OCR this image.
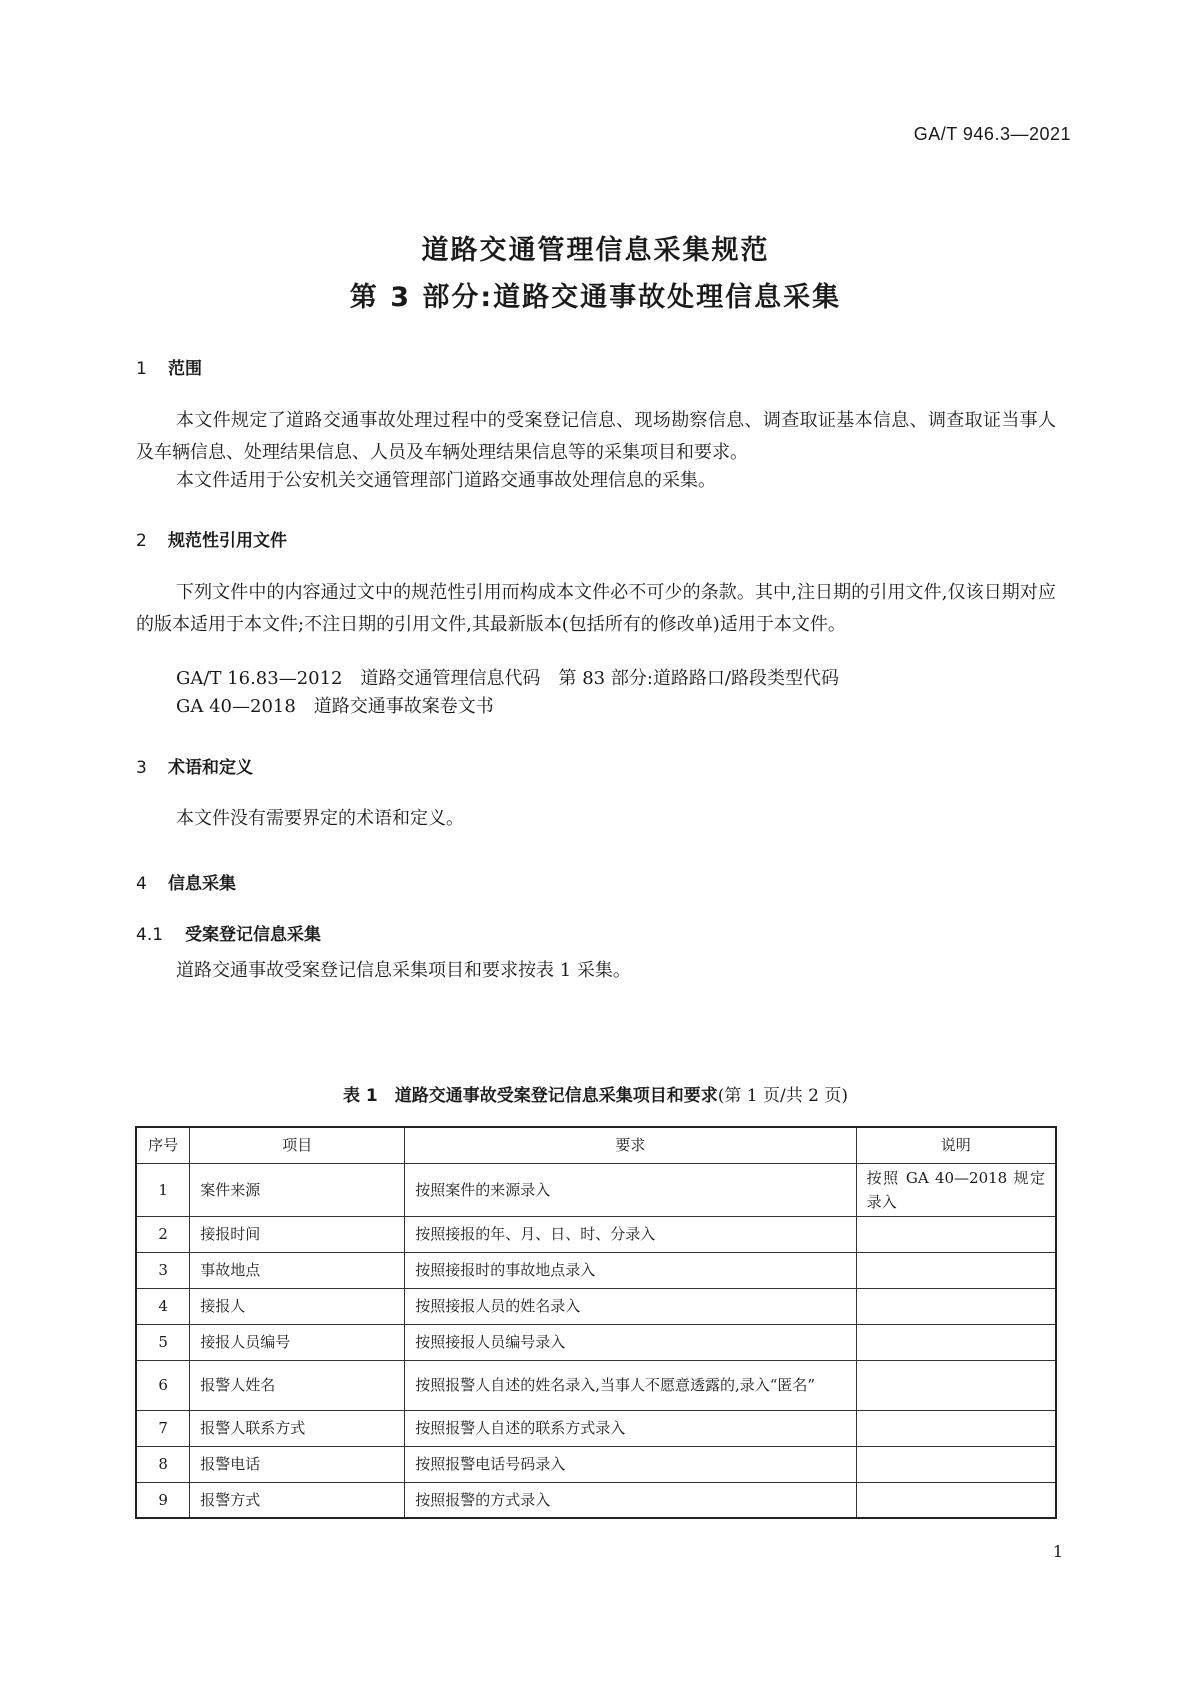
GA/T 946.3—2021
道路交通管理信息采集规范
第 3 部分:道路交通事故处理信息采集
1 范围
本文件规定了道路交通事故处理过程中的受案登记信息、现场勘察信息、调查取证基本信息、调查取证当事人及车辆信息、处理结果信息、人员及车辆处理结果信息等的采集项目和要求。
本文件适用于公安机关交通管理部门道路交通事故处理信息的采集。
2 规范性引用文件
下列文件中的内容通过文中的规范性引用而构成本文件必不可少的条款。其中,注日期的引用文件,仅该日期对应的版本适用于本文件;不注日期的引用文件,其最新版本(包括所有的修改单)适用于本文件。
GA/T 16.83—2012　道路交通管理信息代码　第 83 部分:道路路口/路段类型代码
GA 40—2018　道路交通事故案卷文书
3 术语和定义
本文件没有需要界定的术语和定义。
4 信息采集
4.1 受案登记信息采集
道路交通事故受案登记信息采集项目和要求按表 1 采集。
表 1　道路交通事故受案登记信息采集项目和要求(第 1 页/共 2 页)
序号	项目	要求	说明
1	案件来源	按照案件的来源录入	按照 GA 40—2018 规定录入
2	接报时间	按照接报的年、月、日、时、分录入	
3	事故地点	按照接报时的事故地点录入	
4	接报人	按照接报人员的姓名录入	
5	接报人员编号	按照接报人员编号录入	
6	报警人姓名	按照报警人自述的姓名录入,当事人不愿意透露的,录入“匿名”	
7	报警人联系方式	按照报警人自述的联系方式录入	
8	报警电话	按照报警电话号码录入	
9	报警方式	按照报警的方式录入	
1
